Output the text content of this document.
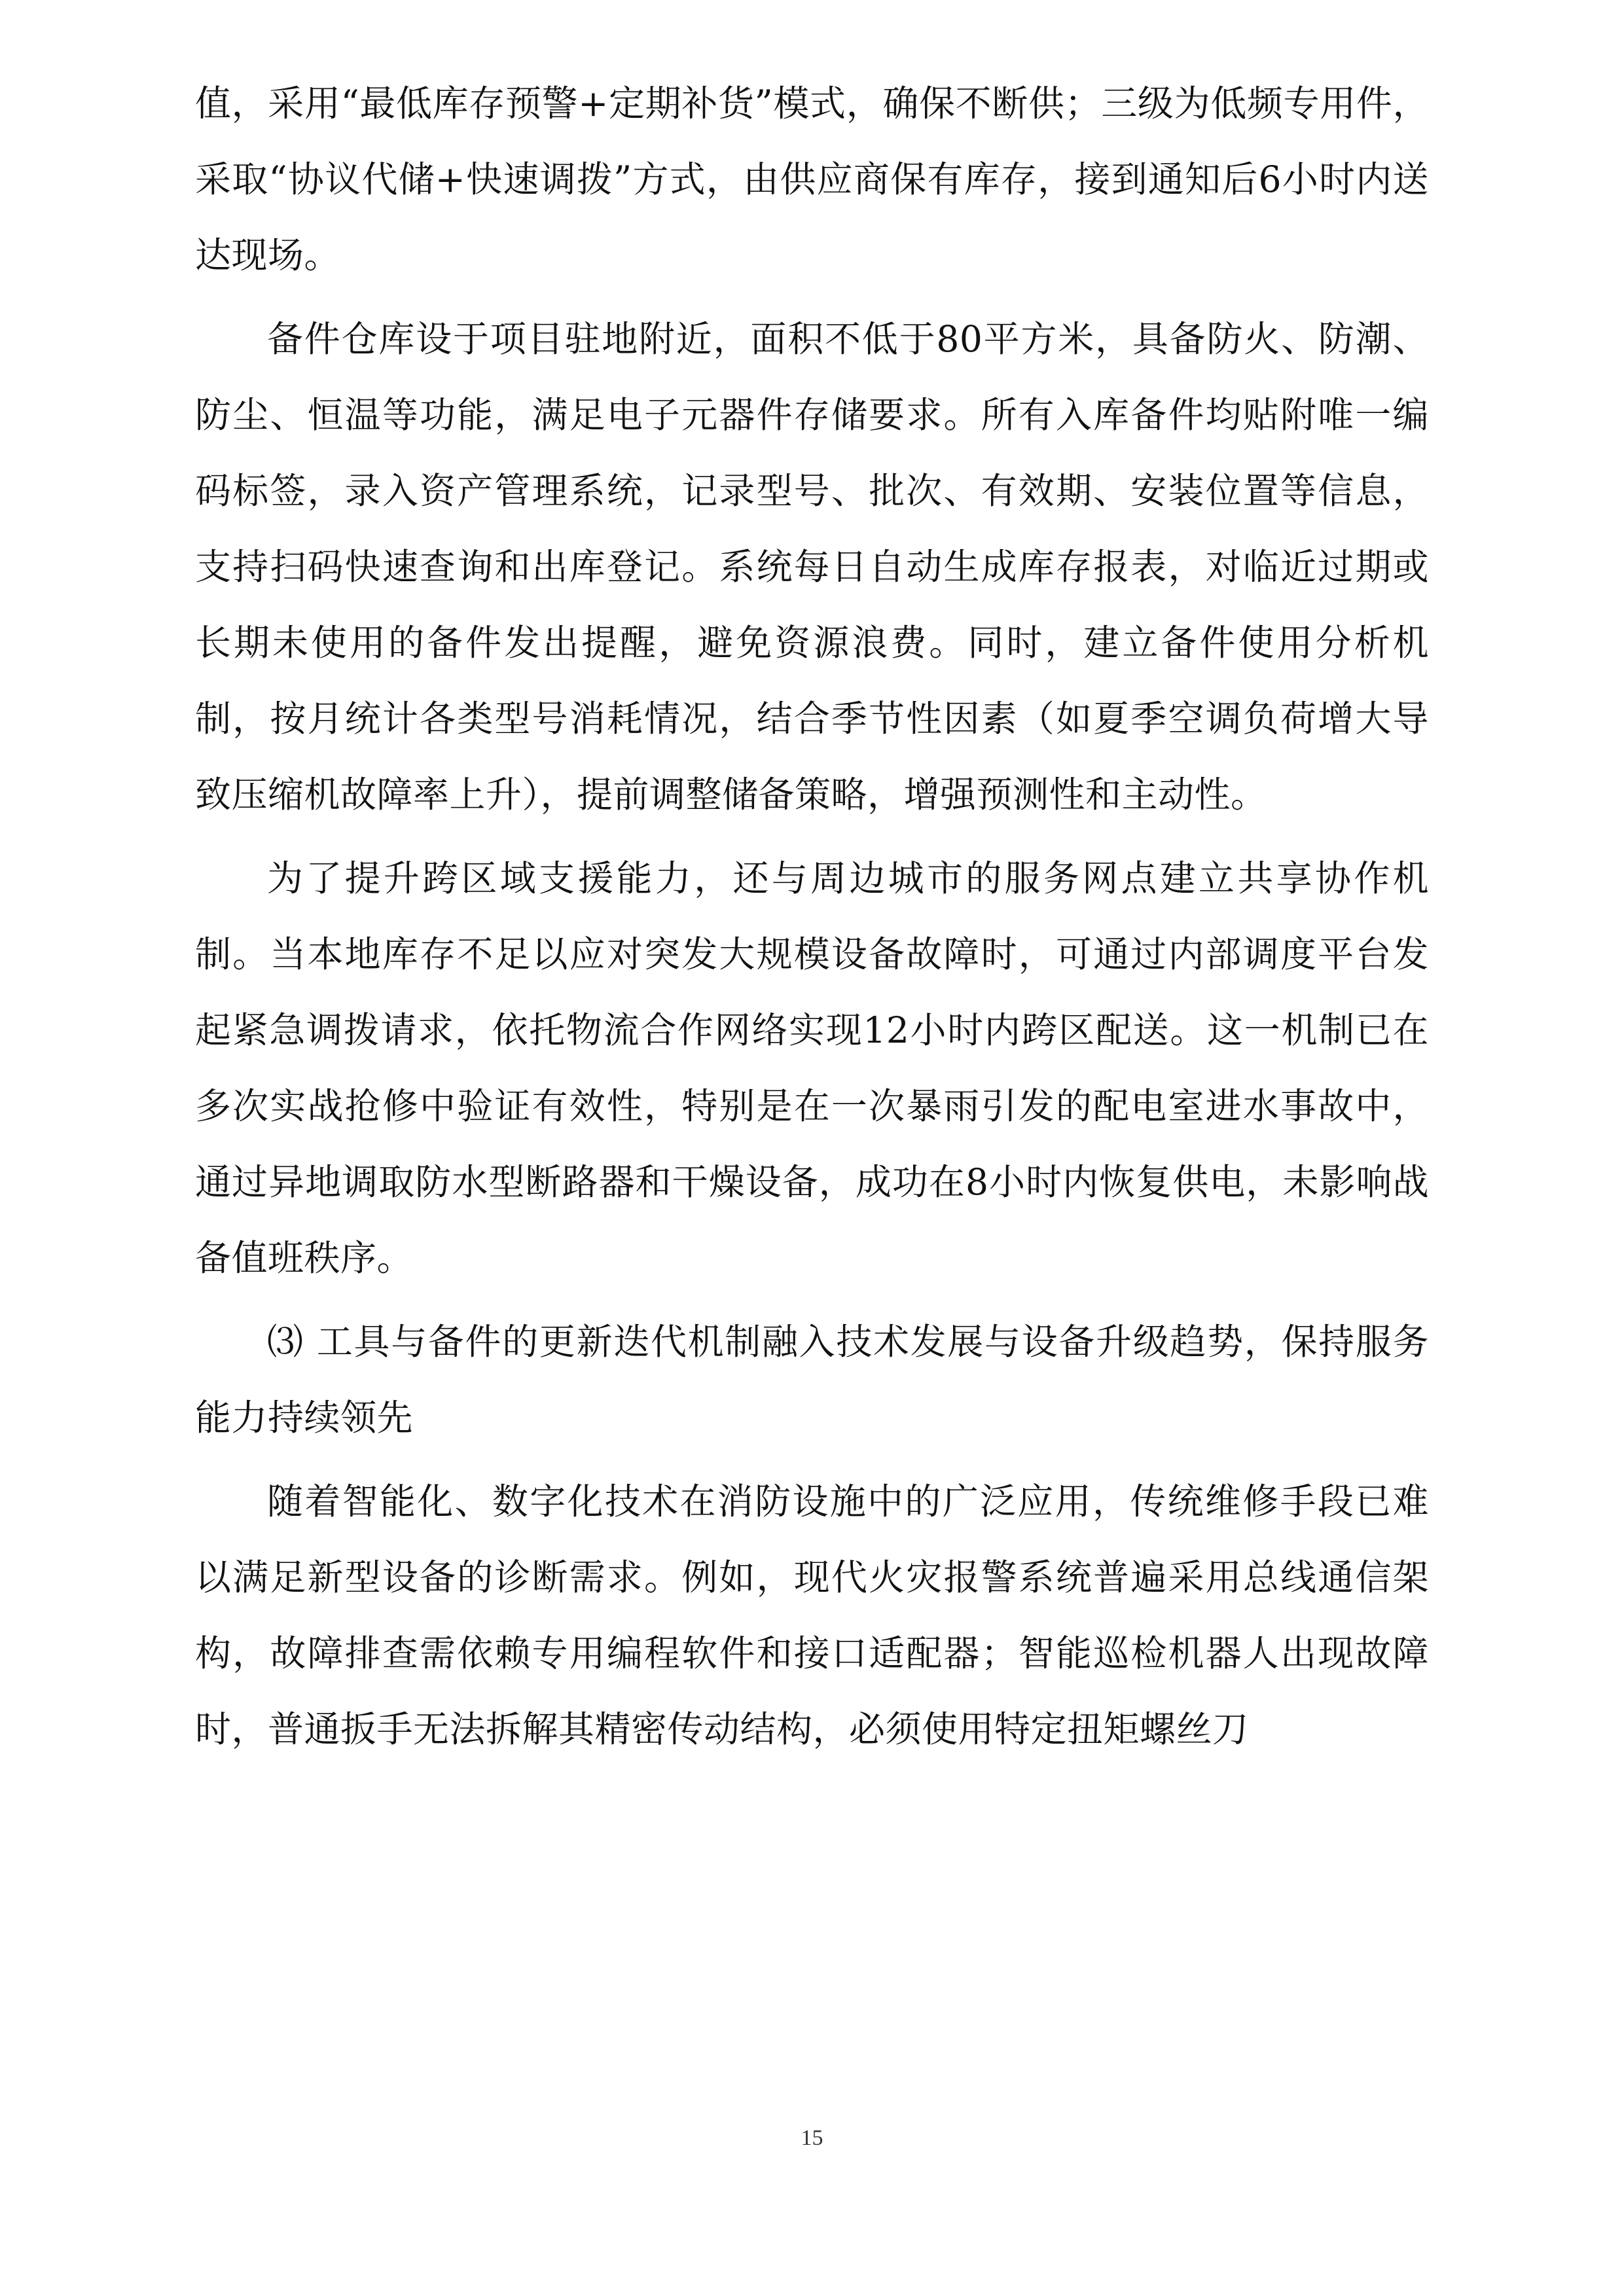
值，采用“最低库存预警+定期补货”模式，确保不断供；三级为低频专用件，采取“协议代储+快速调拨”方式，由供应商保有库存，接到通知后6小时内送达现场。

备件仓库设于项目驻地附近，面积不低于80平方米，具备防火、防潮、防尘、恒温等功能，满足电子元器件存储要求。所有入库备件均贴附唯一编码标签，录入资产管理系统，记录型号、批次、有效期、安装位置等信息，支持扫码快速查询和出库登记。系统每日自动生成库存报表，对临近过期或长期未使用的备件发出提醒，避免资源浪费。同时，建立备件使用分析机制，按月统计各类型号消耗情况，结合季节性因素（如夏季空调负荷增大导致压缩机故障率上升），提前调整储备策略，增强预测性和主动性。

为了提升跨区域支援能力，还与周边城市的服务网点建立共享协作机制。当本地库存不足以应对突发大规模设备故障时，可通过内部调度平台发起紧急调拨请求，依托物流合作网络实现12小时内跨区配送。这一机制已在多次实战抢修中验证有效性，特别是在一次暴雨引发的配电室进水事故中，通过异地调取防水型断路器和干燥设备，成功在8小时内恢复供电，未影响战备值班秩序。

⑶ 工具与备件的更新迭代机制融入技术发展与设备升级趋势，保持服务能力持续领先

随着智能化、数字化技术在消防设施中的广泛应用，传统维修手段已难以满足新型设备的诊断需求。例如，现代火灾报警系统普遍采用总线通信架构，故障排查需依赖专用编程软件和接口适配器；智能巡检机器人出现故障时，普通扳手无法拆解其精密传动结构，必须使用特定扭矩螺丝刀

15
